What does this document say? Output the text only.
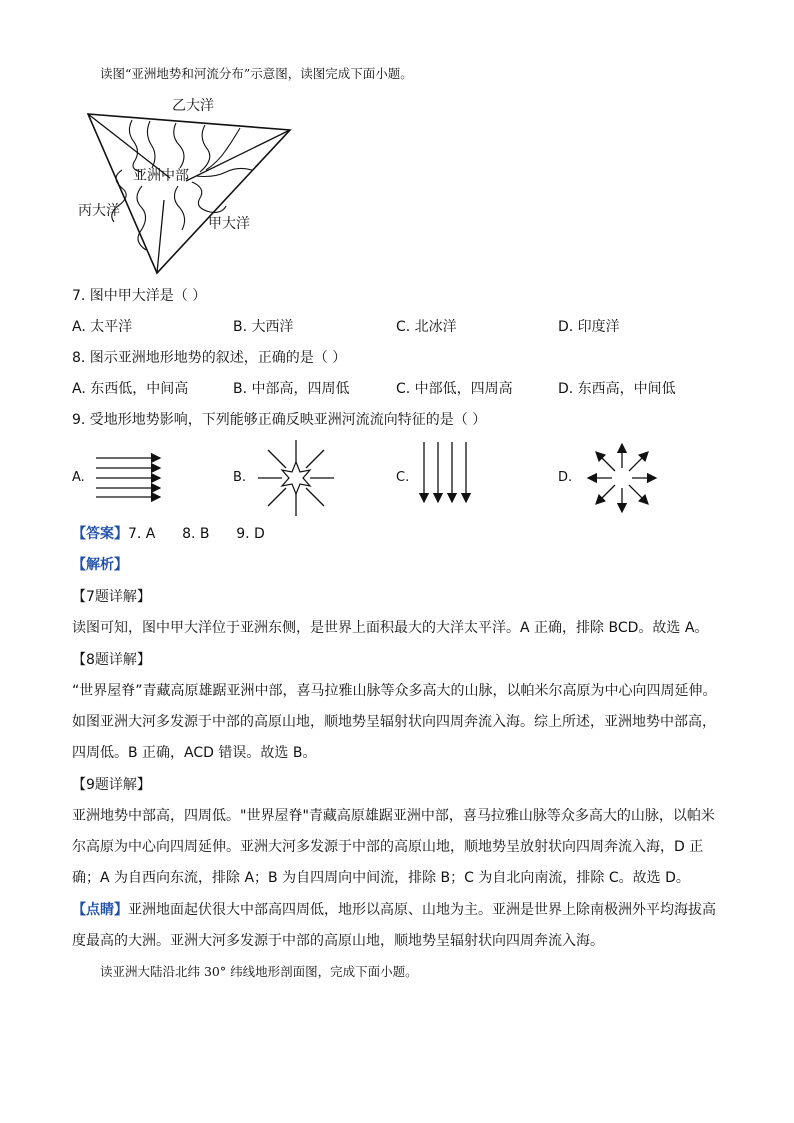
读图“亚洲地势和河流分布”示意图，读图完成下面小题。
乙大洋
亚洲中部
丙大洋
甲大洋
7. 图中甲大洋是（ ）
A. 太平洋	B. 大西洋	C. 北冰洋	D. 印度洋
8. 图示亚洲地形地势的叙述，正确的是（ ）
A. 东西低，中间高	B. 中部高，四周低	C. 中部低，四周高	D. 东西高，中间低
9. 受地形地势影响，下列能够正确反映亚洲河流流向特征的是（ ）
A.	B.	C.	D.
【答案】7. A      8. B      9. D
【解析】
【7题详解】
读图可知，图中甲大洋位于亚洲东侧，是世界上面积最大的大洋太平洋。A 正确，排除 BCD。故选 A。
【8题详解】
“世界屋脊”青藏高原雄踞亚洲中部，喜马拉雅山脉等众多高大的山脉，以帕米尔高原为中心向四周延伸。
如图亚洲大河多发源于中部的高原山地，顺地势呈辐射状向四周奔流入海。综上所述，亚洲地势中部高，
四周低。B 正确，ACD 错误。故选 B。
【9题详解】
亚洲地势中部高，四周低。"世界屋脊"青藏高原雄踞亚洲中部，喜马拉雅山脉等众多高大的山脉，以帕米
尔高原为中心向四周延伸。亚洲大河多发源于中部的高原山地，顺地势呈放射状向四周奔流入海，D 正
确；A 为自西向东流，排除 A；B 为自四周向中间流，排除 B；C 为自北向南流，排除 C。故选 D。
【点睛】亚洲地面起伏很大中部高四周低，地形以高原、山地为主。亚洲是世界上除南极洲外平均海拔高
度最高的大洲。亚洲大河多发源于中部的高原山地，顺地势呈辐射状向四周奔流入海。
读亚洲大陆沿北纬 30° 纬线地形剖面图，完成下面小题。
